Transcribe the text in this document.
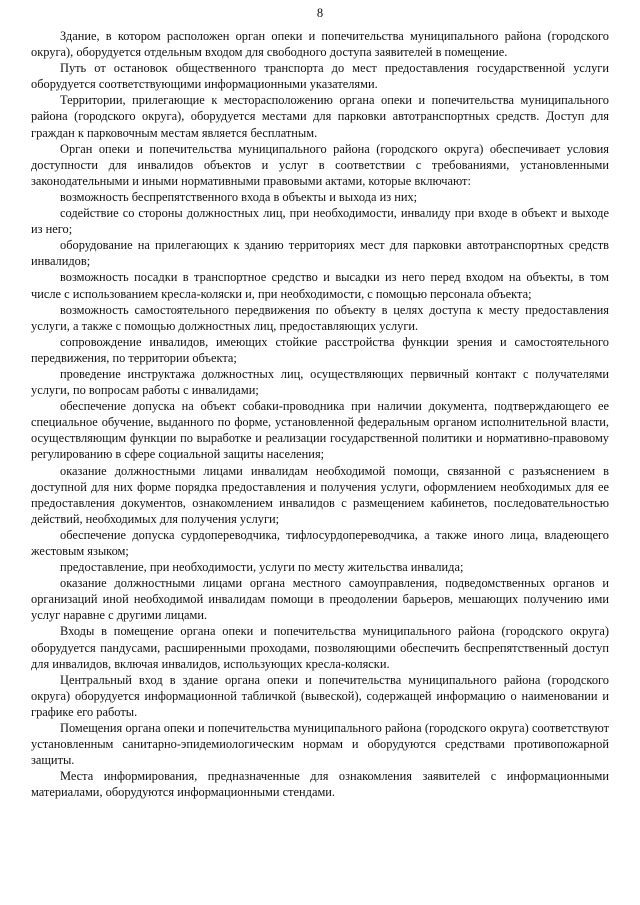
8

Здание, в котором расположен орган опеки и попечительства муниципального района (городского округа), оборудуется отдельным входом для свободного доступа заявителей в помещение.

Путь от остановок общественного транспорта до мест предоставления государственной услуги оборудуется соответствующими информационными указателями.

Территории, прилегающие к месторасположению органа опеки и попечительства муниципального района (городского округа), оборудуется местами для парковки автотранспортных средств. Доступ для граждан к парковочным местам является бесплатным.

Орган опеки и попечительства муниципального района (городского округа) обеспечивает условия доступности для инвалидов объектов и услуг в соответствии с требованиями, установленными законодательными и иными нормативными правовыми актами, которые включают:

возможность беспрепятственного входа в объекты и выхода из них;

содействие со стороны должностных лиц, при необходимости, инвалиду при входе в объект и выходе из него;

оборудование на прилегающих к зданию территориях мест для парковки автотранспортных средств инвалидов;

возможность посадки в транспортное средство и высадки из него перед входом на объекты, в том числе с использованием кресла-коляски и, при необходимости, с помощью персонала объекта;

возможность самостоятельного передвижения по объекту в целях доступа к месту предоставления услуги, а также с помощью должностных лиц, предоставляющих услуги.

сопровождение инвалидов, имеющих стойкие расстройства функции зрения и самостоятельного передвижения, по территории объекта;

проведение инструктажа должностных лиц, осуществляющих первичный контакт с получателями услуги, по вопросам работы с инвалидами;

обеспечение допуска на объект собаки-проводника при наличии документа, подтверждающего ее специальное обучение, выданного по форме, установленной федеральным органом исполнительной власти, осуществляющим функции по выработке и реализации государственной политики и нормативно-правовому регулированию в сфере социальной защиты населения;

оказание должностными лицами инвалидам необходимой помощи, связанной с разъяснением в доступной для них форме порядка предоставления и получения услуги, оформлением необходимых для ее предоставления документов, ознакомлением инвалидов с размещением кабинетов, последовательностью действий, необходимых для получения услуги;

обеспечение допуска сурдопереводчика, тифлосурдопереводчика, а также иного лица, владеющего жестовым языком;

предоставление, при необходимости, услуги по месту жительства инвалида;

оказание должностными лицами органа местного самоуправления, подведомственных органов и организаций иной необходимой инвалидам помощи в преодолении барьеров, мешающих получению ими услуг наравне с другими лицами.

Входы в помещение органа опеки и попечительства муниципального района (городского округа) оборудуется пандусами, расширенными проходами, позволяющими обеспечить беспрепятственный доступ для инвалидов, включая инвалидов, использующих кресла-коляски.

Центральный вход в здание органа опеки и попечительства муниципального района (городского округа) оборудуется информационной табличкой (вывеской), содержащей информацию о наименовании и графике его работы.

Помещения органа опеки и попечительства муниципального района (городского округа) соответствуют установленным санитарно-эпидемиологическим нормам и оборудуются средствами противопожарной защиты.

Места информирования, предназначенные для ознакомления заявителей с информационными материалами, оборудуются информационными стендами.
